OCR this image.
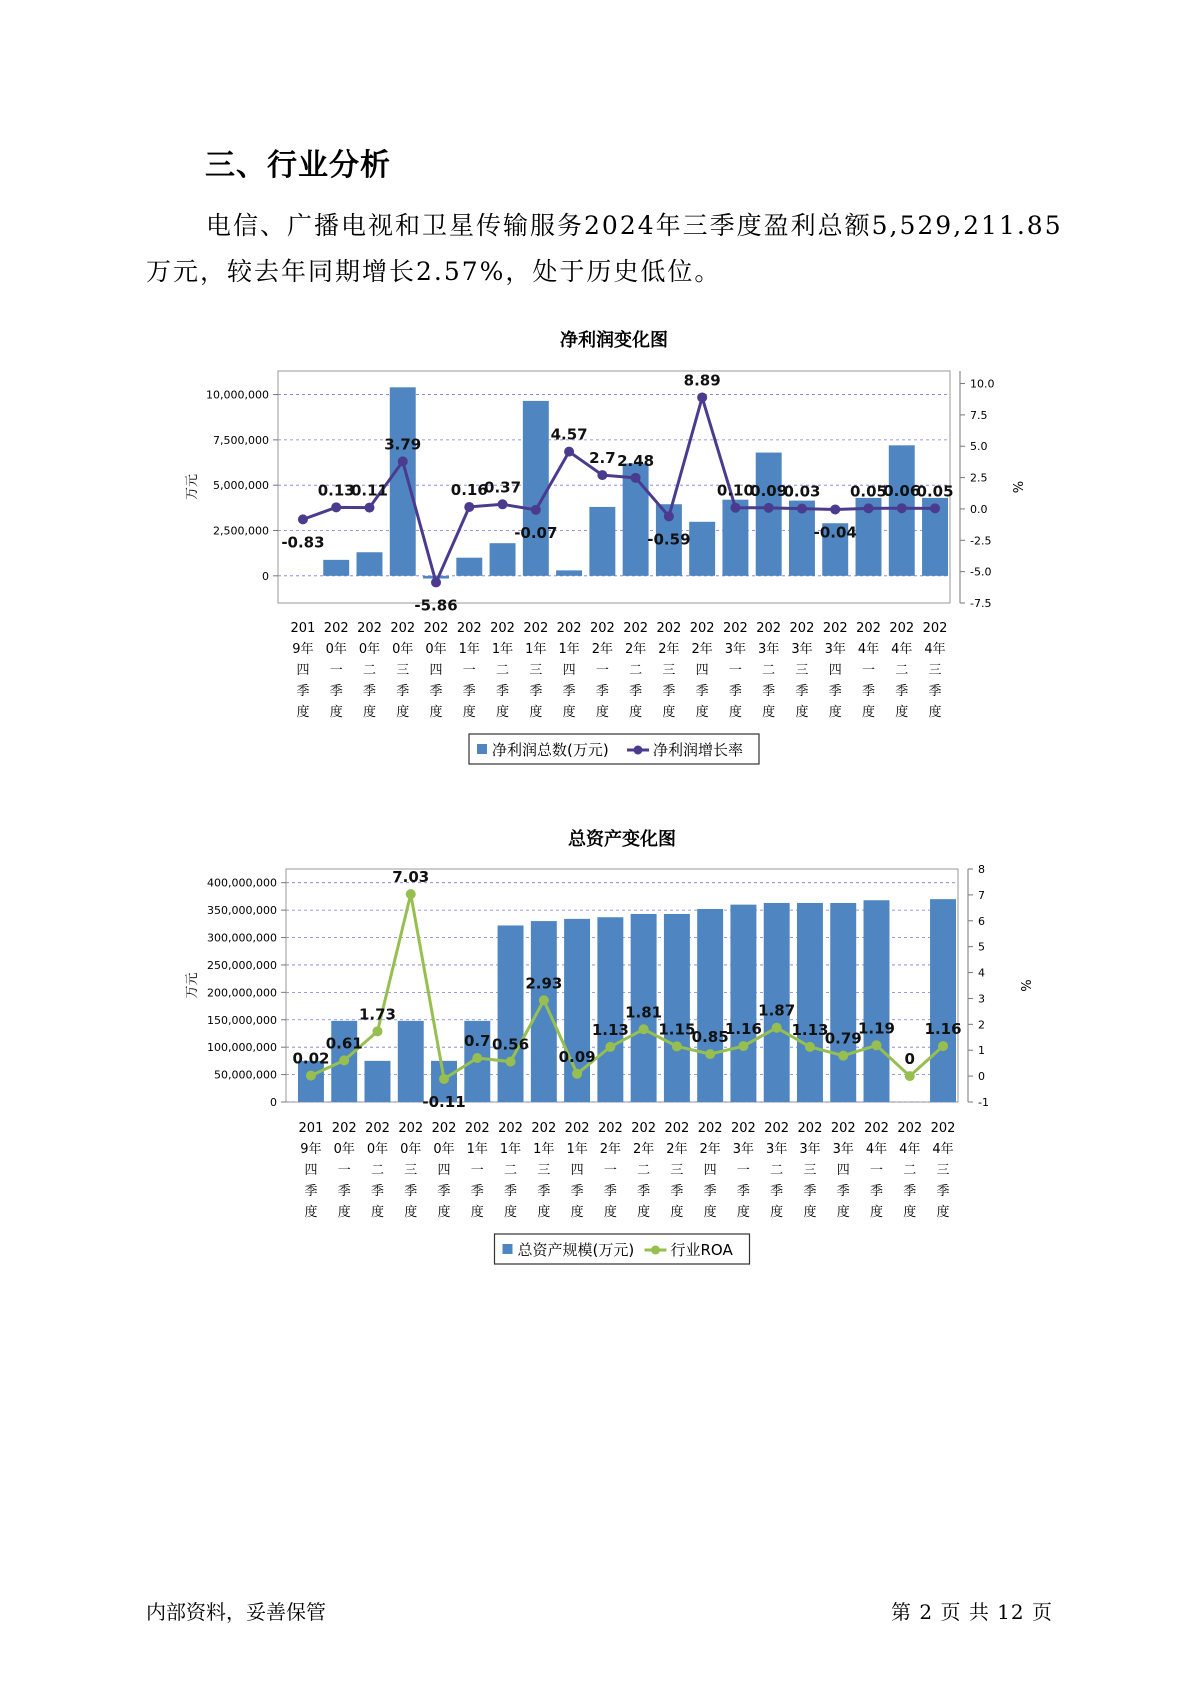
三、行业分析
电信、广播电视和卫星传输服务2024年三季度盈利总额5,529,211.85
万元，较去年同期增长2.57%，处于历史低位。
净利润变化图
10,000,000
7,500,000
5,000,000
2,500,000
0
10.0
7.5
5.0
2.5
0.0
-2.5
-5.0
-7.5
万元	%
-0.83
0.13
0.11
3.79
-5.86
0.16
0.37
-0.07
4.57
2.7 2.48
-0.59
8.89
0.10
0.09
0.03
-0.04
0.05
0.06
0.05
201
9年
四
季
度
202
0年
一
季
度
202
0年
二
季
度
202
0年
三
季
度
202
0年
四
季
度
202
1年
一
季
度
202
1年
二
季
度
202
1年
三
季
度
202
1年
四
季
度
202
2年
一
季
度
202
2年
二
季
度
202
2年
三
季
度
202
2年
四
季
度
202
3年
一
季
度
202
3年
二
季
度
202
3年
三
季
度
202
3年
四
季
度
202
4年
一
季
度
202
4年
二
季
度
202
4年
三
季
度
净利润总数(万元)	净利润增长率
总资产变化图
400,000,000
350,000,000
300,000,000
250,000,000
200,000,000
150,000,000
100,000,000
50,000,000
0
8
7
6
5
4
3
2
1
0
-1
万元	%
0.02
0.61
1.73
7.03
-0.11
0.7 0.56
2.93
0.09
1.13
1.81
1.15
0.85
1.16
1.87
1.13
0.79
1.19
0
1.16
201
9年
四
季
度
202
0年
一
季
度
202
0年
二
季
度
202
0年
三
季
度
202
0年
四
季
度
202
1年
一
季
度
202
1年
二
季
度
202
1年
三
季
度
202
1年
四
季
度
202
2年
一
季
度
202
2年
二
季
度
202
2年
三
季
度
202
2年
四
季
度
202
3年
一
季
度
202
3年
二
季
度
202
3年
三
季
度
202
3年
四
季
度
202
4年
一
季
度
202
4年
二
季
度
202
4年
三
季
度
总资产规模(万元) 行业ROA
内部资料，妥善保管	第 2 页 共 12 页
